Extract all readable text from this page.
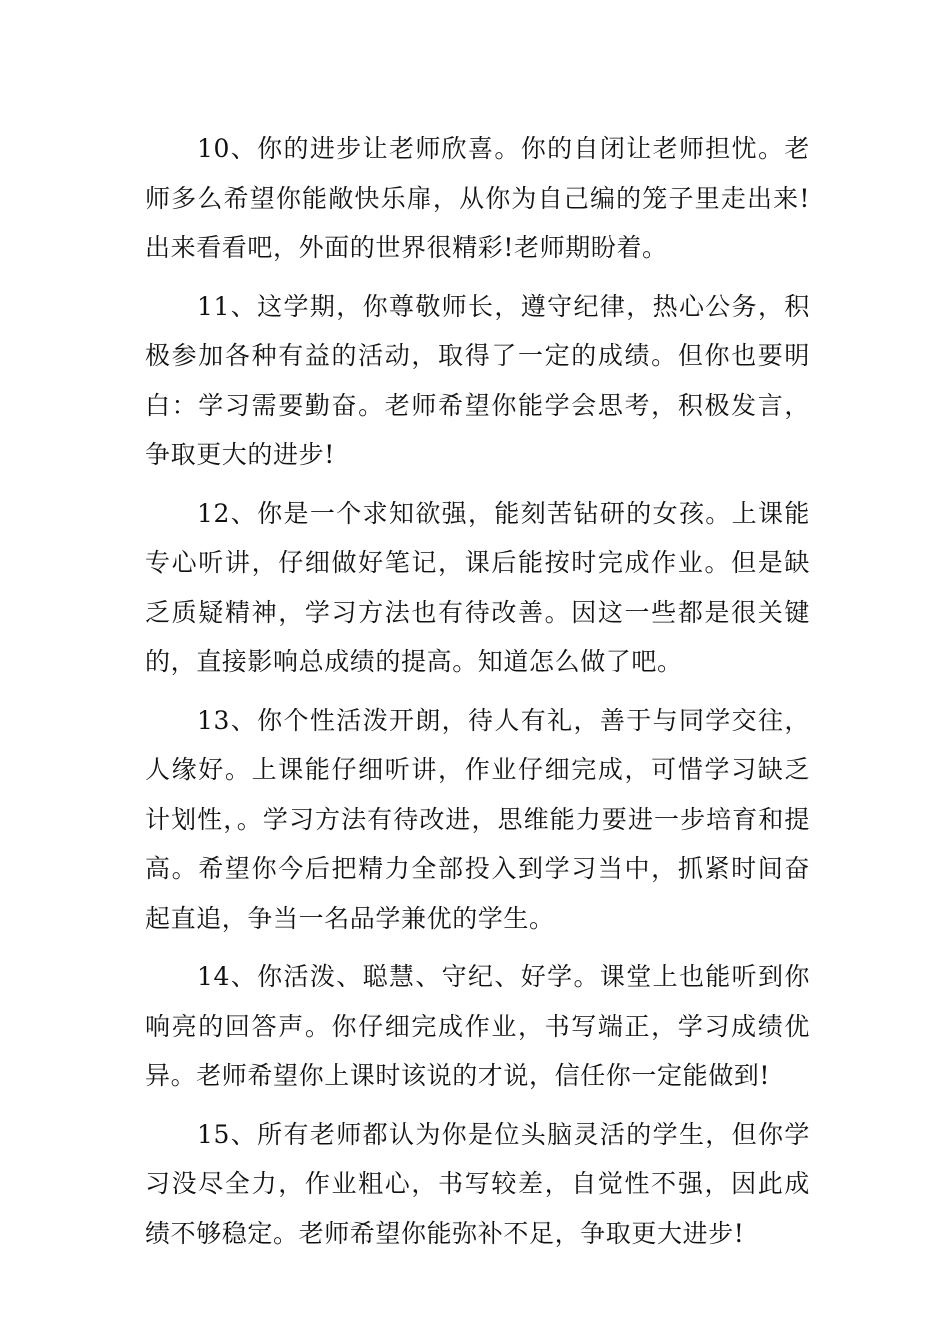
10、你的进步让老师欣喜。你的自闭让老师担忧。老师多么希望你能敞快乐扉，从你为自己编的笼子里走出来!出来看看吧，外面的世界很精彩!老师期盼着。

11、这学期，你尊敬师长，遵守纪律，热心公务，积极参加各种有益的活动，取得了一定的成绩。但你也要明白：学习需要勤奋。老师希望你能学会思考，积极发言，争取更大的进步!

12、你是一个求知欲强，能刻苦钻研的女孩。上课能专心听讲，仔细做好笔记，课后能按时完成作业。但是缺乏质疑精神，学习方法也有待改善。因这一些都是很关键的，直接影响总成绩的提高。知道怎么做了吧。

13、你个性活泼开朗，待人有礼，善于与同学交往，人缘好。上课能仔细听讲，作业仔细完成，可惜学习缺乏计划性，。学习方法有待改进，思维能力要进一步培育和提高。希望你今后把精力全部投入到学习当中，抓紧时间奋起直追，争当一名品学兼优的学生。

14、你活泼、聪慧、守纪、好学。课堂上也能听到你响亮的回答声。你仔细完成作业，书写端正，学习成绩优异。老师希望你上课时该说的才说，信任你一定能做到!

15、所有老师都认为你是位头脑灵活的学生，但你学习没尽全力，作业粗心，书写较差，自觉性不强，因此成绩不够稳定。老师希望你能弥补不足，争取更大进步!
